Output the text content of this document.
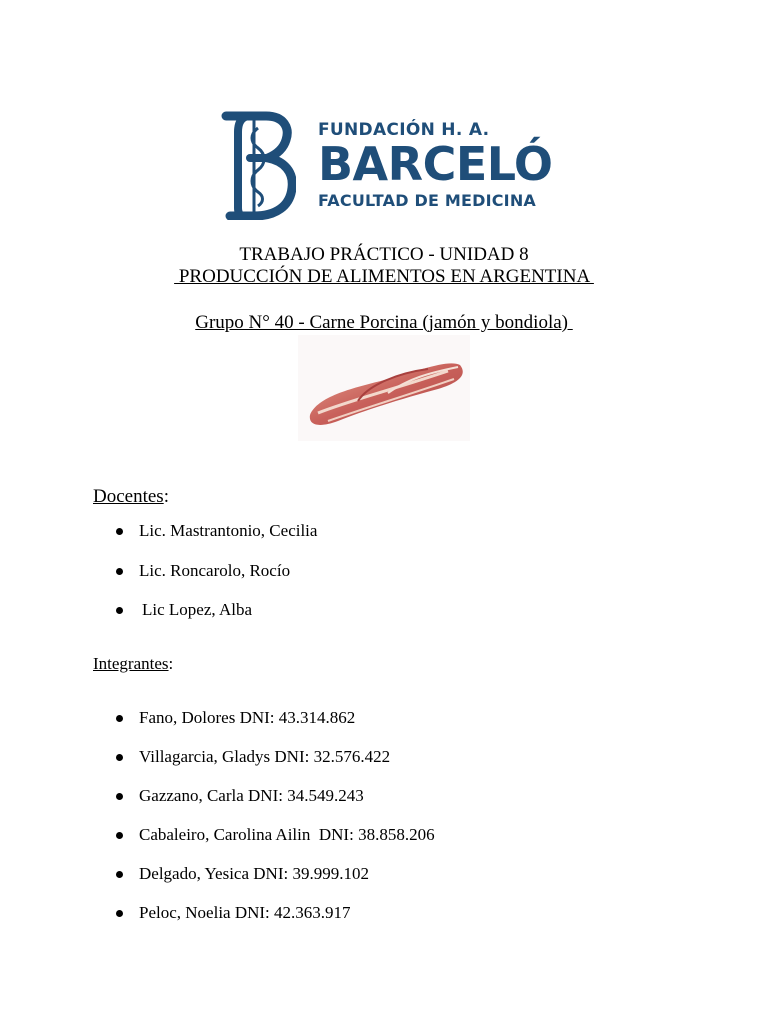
FUNDACIÓN H. A.
BARCELÓ
FACULTAD DE MEDICINA
TRABAJO PRÁCTICO - UNIDAD 8
PRODUCCIÓN DE ALIMENTOS EN ARGENTINA
Grupo N° 40 - Carne Porcina (jamón y bondiola)
Docentes:
Lic. Mastrantonio, Cecilia
Lic. Roncarolo, Rocío
Lic Lopez, Alba
Integrantes:
Fano, Dolores DNI: 43.314.862
Villagarcia, Gladys DNI: 32.576.422
Gazzano, Carla DNI: 34.549.243
Cabaleiro, Carolina Ailin  DNI: 38.858.206
Delgado, Yesica DNI: 39.999.102
Peloc, Noelia DNI: 42.363.917
